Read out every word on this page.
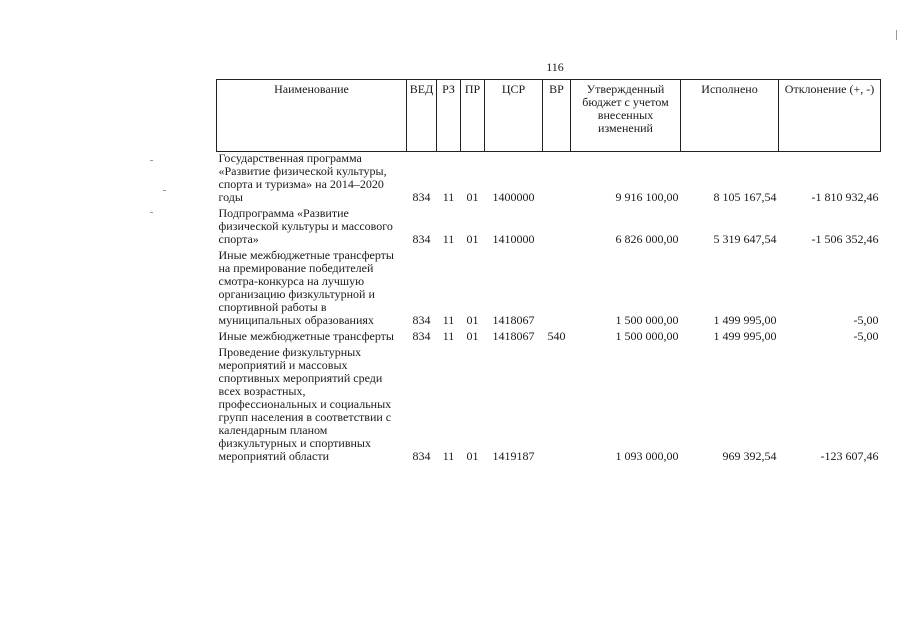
116
Наименование	ВЕД	РЗ	ПР	ЦСР	ВР	Утвержденный бюджет с учетом внесенных изменений	Исполнено	Отклонение (+, -)
Государственная программа «Развитие физической культуры, спорта и туризма» на 2014–2020 годы	834	11	01	1400000		9 916 100,00	8 105 167,54	-1 810 932,46
Подпрограмма «Развитие физической культуры и массового спорта»	834	11	01	1410000		6 826 000,00	5 319 647,54	-1 506 352,46
Иные межбюджетные трансферты на премирование победителей смотра-конкурса на лучшую организацию физкультурной и спортивной работы в муниципальных образованиях	834	11	01	1418067		1 500 000,00	1 499 995,00	-5,00
Иные межбюджетные трансферты	834	11	01	1418067	540	1 500 000,00	1 499 995,00	-5,00
Проведение физкультурных мероприятий и массовых спортивных мероприятий среди всех возрастных, профессиональных и социальных групп населения в соответствии с календарным планом физкультурных и спортивных мероприятий области	834	11	01	1419187		1 093 000,00	969 392,54	-123 607,46
